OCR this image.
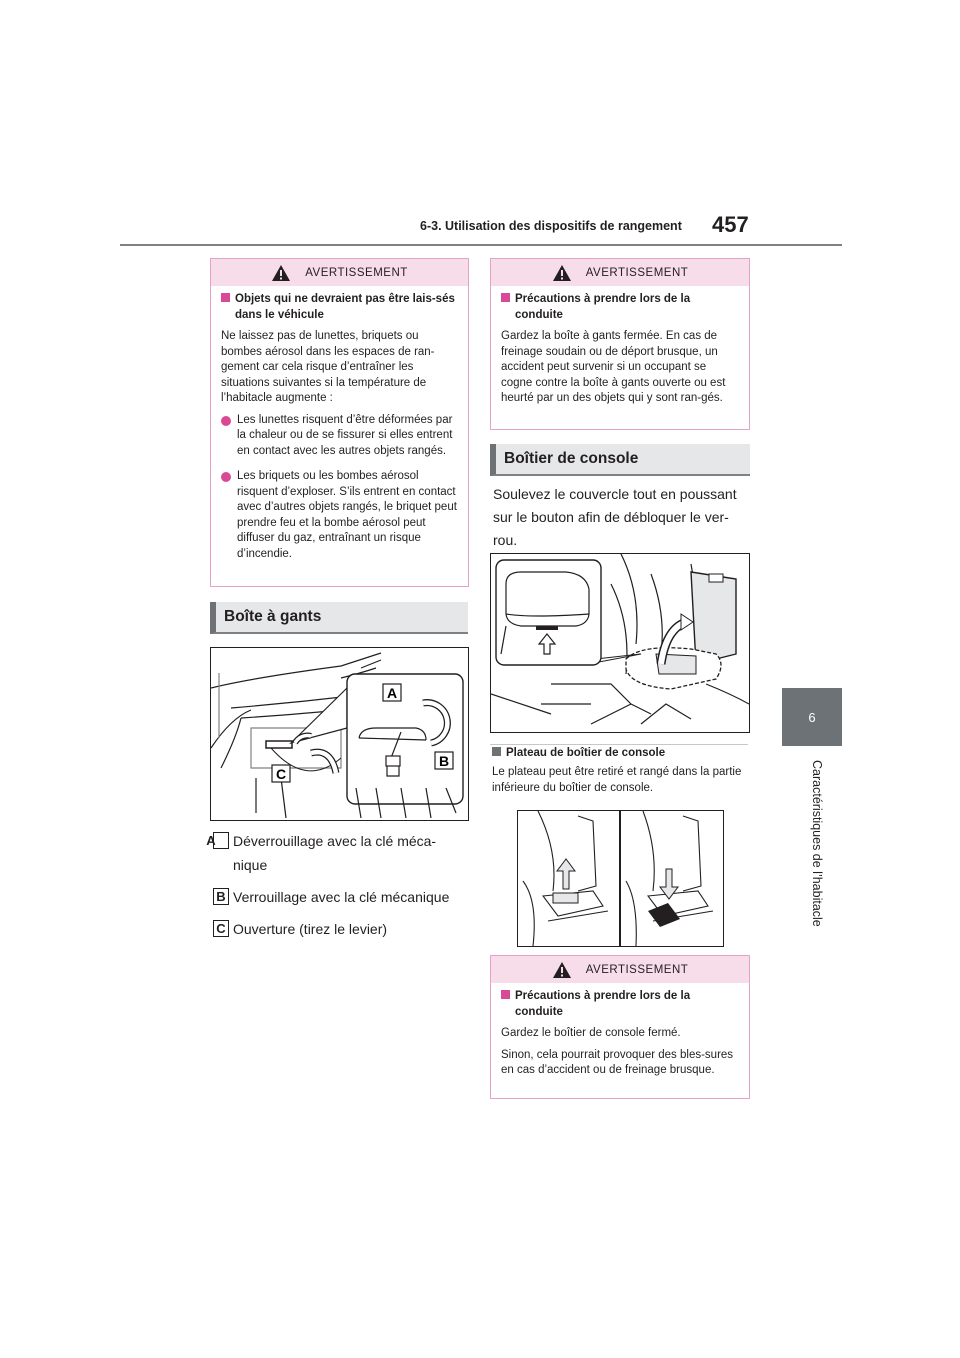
6-3. Utilisation des dispositifs de rangement 457
6
Caractéristiques de l’habitacle
AVERTISSEMENT
Objets qui ne devraient pas être lais-sés dans le véhicule

Ne laissez pas de lunettes, briquets ou bombes aérosol dans les espaces de ran-gement car cela risque d’entraîner les situations suivantes si la température de l’habitacle augmente :

Les lunettes risquent d’être déformées par la chaleur ou de se fissurer si elles entrent en contact avec les autres objets rangés.
Les briquets ou les bombes aérosol risquent d’exploser. S’ils entrent en contact avec d’autres objets rangés, le briquet peut prendre feu et la bombe aérosol peut diffuser du gaz, entraînant un risque d’incendie.
Boîte à gants
A
B
C
A Déverrouillage avec la clé méca-nique
B Verrouillage avec la clé mécanique
C Ouverture (tirez le levier)
AVERTISSEMENT
Précautions à prendre lors de la conduite

Gardez la boîte à gants fermée. En cas de freinage soudain ou de déport brusque, un accident peut survenir si un occupant se cogne contre la boîte à gants ouverte ou est heurté par un des objets qui y sont ran-gés.

Boîtier de console
Soulevez le couvercle tout en poussant sur le bouton afin de débloquer le ver-rou.
Plateau de boîtier de console
Le plateau peut être retiré et rangé dans la partie inférieure du boîtier de console.
AVERTISSEMENT
Précautions à prendre lors de la conduite

Gardez le boîtier de console fermé.

Sinon, cela pourrait provoquer des bles-sures en cas d’accident ou de freinage brusque.
